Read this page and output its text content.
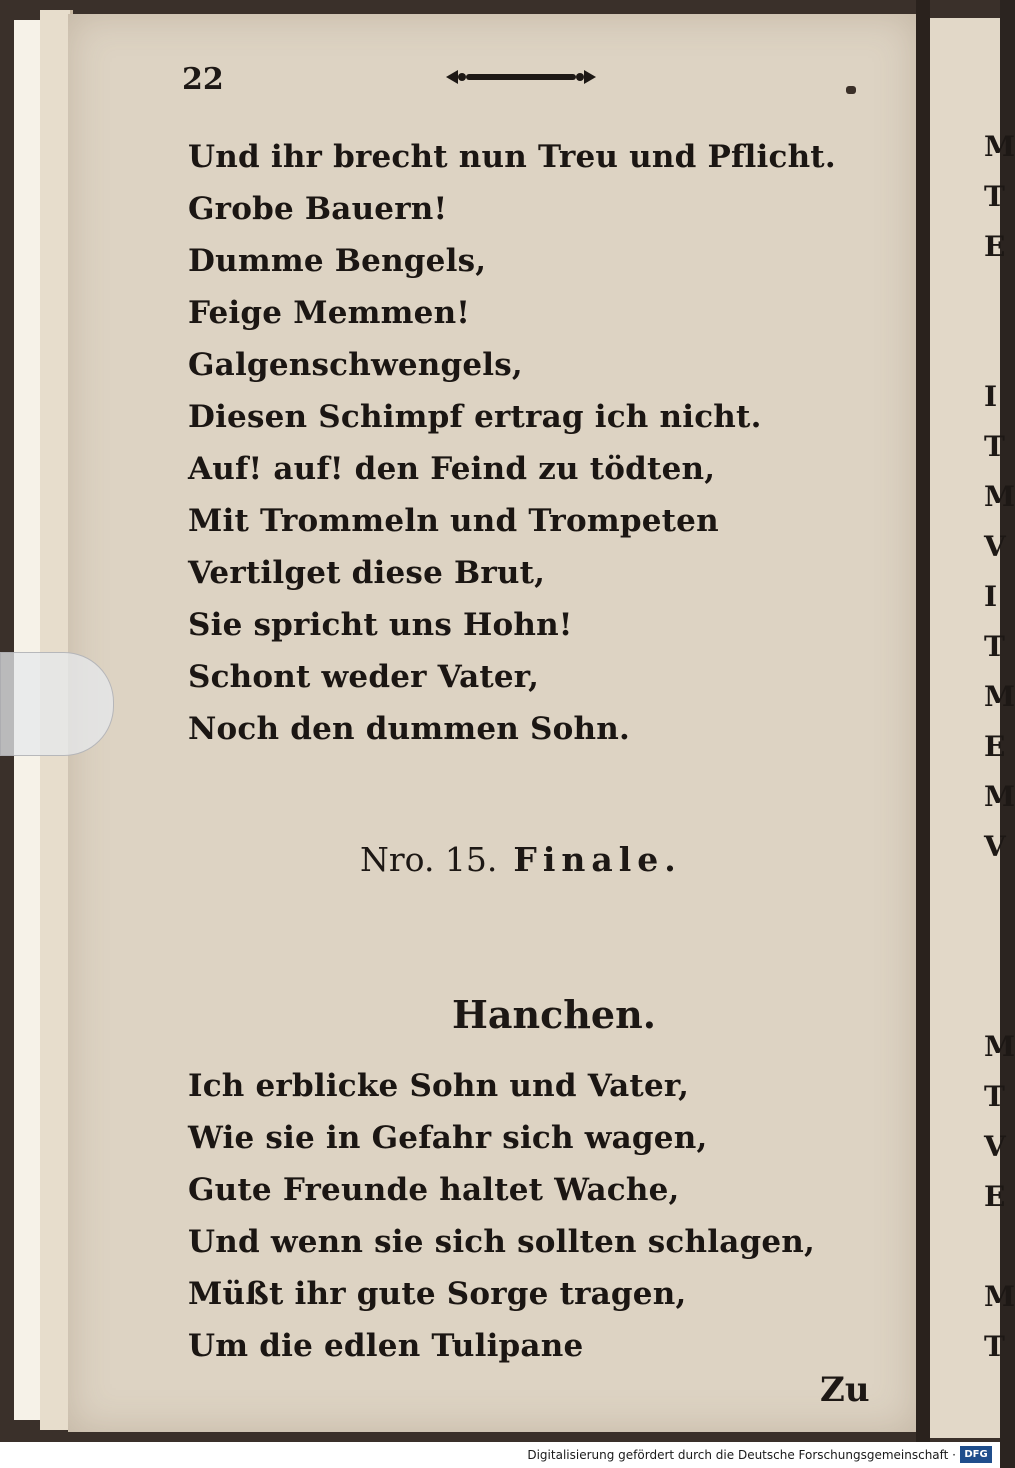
22
Und ihr brecht nun Treu und Pflicht.
Grobe Bauern!
Dumme Bengels,
Feige Memmen!
Galgenschwengels,
Diesen Schimpf ertrag ich nicht.
Auf! auf! den Feind zu tödten,
Mit Trommeln und Trompeten
Vertilget diese Brut,
Sie spricht uns Hohn!
Schont weder Vater,
Noch den dummen Sohn.
Nro. 15. Finale.
Hanchen.
Ich erblicke Sohn und Vater,
Wie sie in Gefahr sich wagen,
Gute Freunde haltet Wache,
Und wenn sie sich sollten schlagen,
Müßt ihr gute Sorge tragen,
Um die edlen Tulipane
Zu
M
T
E
I
T
M
V
I
T
M
E
M
V
M
T
V
E
M
T
Digitalisierung gefördert durch die Deutsche Forschungsgemeinschaft · DFG
